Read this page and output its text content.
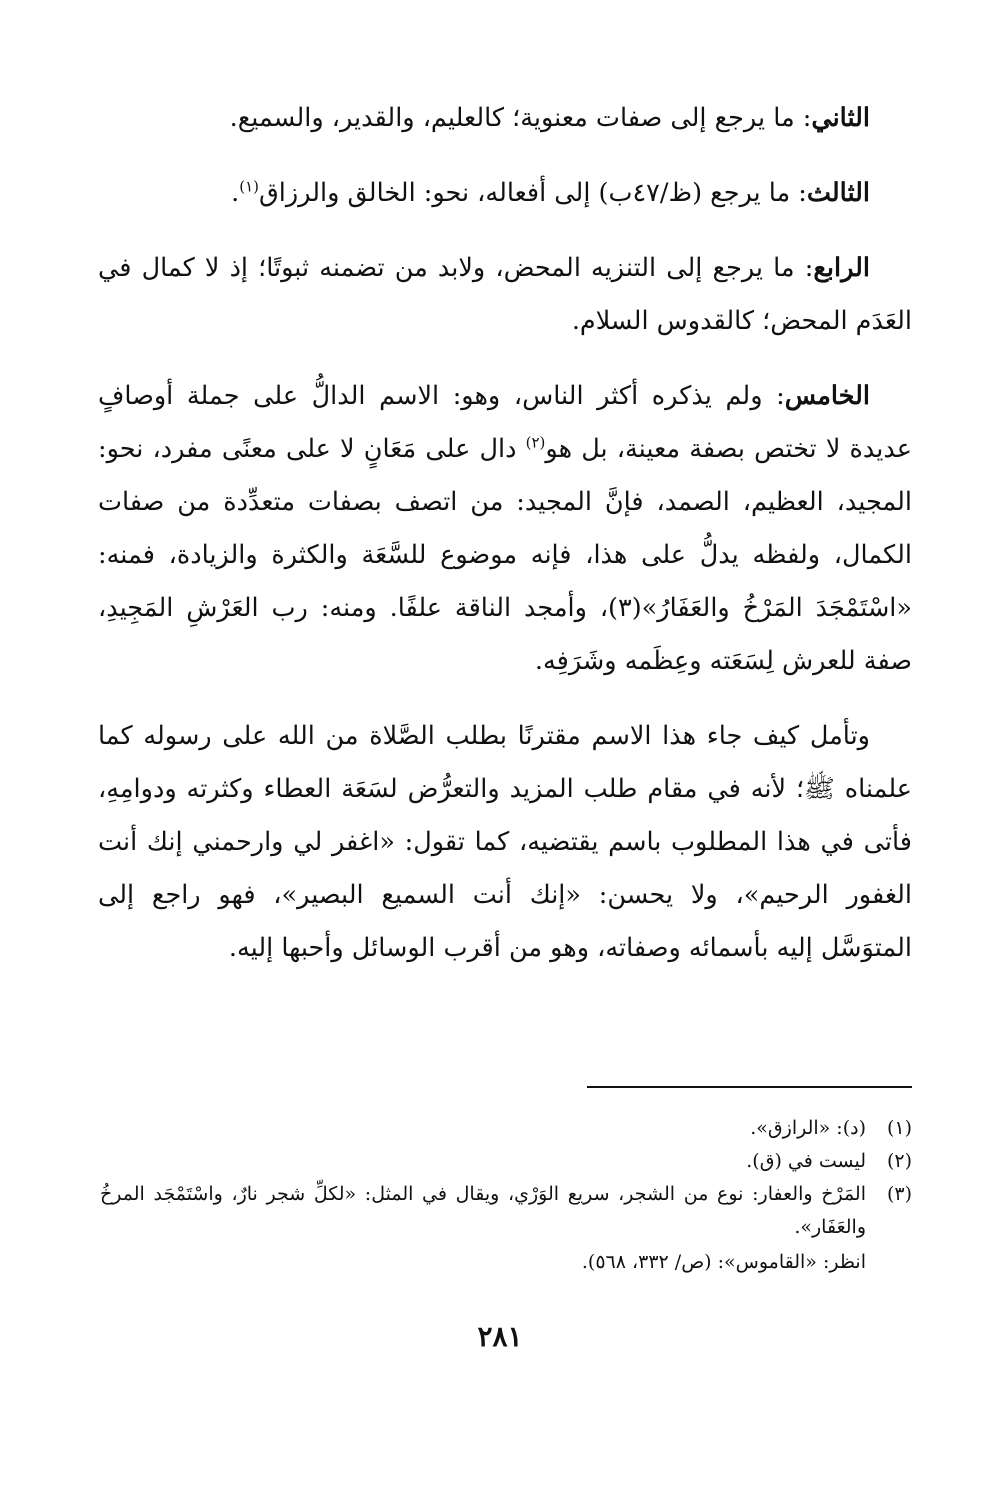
الثاني: ما يرجع إلى صفات معنوية؛ كالعليم، والقدير، والسميع.

الثالث: ما يرجع (ظ/٤٧ب) إلى أفعاله، نحو: الخالق والرزاق$^{(١)}$.

الرابع: ما يرجع إلى التنزيه المحض، ولابد من تضمنه ثبوتًا؛ إذ لا كمال في العَدَم المحض؛ كالقدوس السلام.

الخامس: ولم يذكره أكثر الناس، وهو: الاسم الدالُّ على جملة أوصافٍ عديدة لا تختص بصفة معينة، بل هو$^{(٢)}$ دال على مَعَانٍ لا على معنًى مفرد، نحو: المجيد، العظيم، الصمد، فإنَّ المجيد: من اتصف بصفات متعدِّدة من صفات الكمال، ولفظه يدلُّ على هذا، فإنه موضوع للسَّعَة والكثرة والزيادة، فمنه: «اسْتَمْجَدَ المَرْخُ والعَفَارُ»(٣)، وأمجد الناقة علفًا. ومنه: رب العَرْشِ المَجِيدِ، صفة للعرش لِسَعَته وعِظَمه وشَرَفِه.

وتأمل كيف جاء هذا الاسم مقترنًا بطلب الصَّلاة من الله على رسوله كما علمناه ﷺ؛ لأنه في مقام طلب المزيد والتعرُّض لسَعَة العطاء وكثرته ودوامِهِ، فأتى في هذا المطلوب باسم يقتضيه، كما تقول: «اغفر لي وارحمني إنك أنت الغفور الرحيم»، ولا يحسن: «إنك أنت السميع البصير»، فهو راجع إلى المتوَسَّل إليه بأسمائه وصفاته، وهو من أقرب الوسائل وأحبها إليه.

(١)
(د): «الرازق».
(٢)
ليست في (ق).
(٣)
المَرْخ والعفار: نوع من الشجر، سريع الوَرْي، ويقال في المثل: «لكلِّ شجر نارٌ، واسْتَمْجَد المرخُ والعَفَار».
انظر: «القاموس»: (ص/ ٣٣٢، ٥٦٨).
٢٨١
